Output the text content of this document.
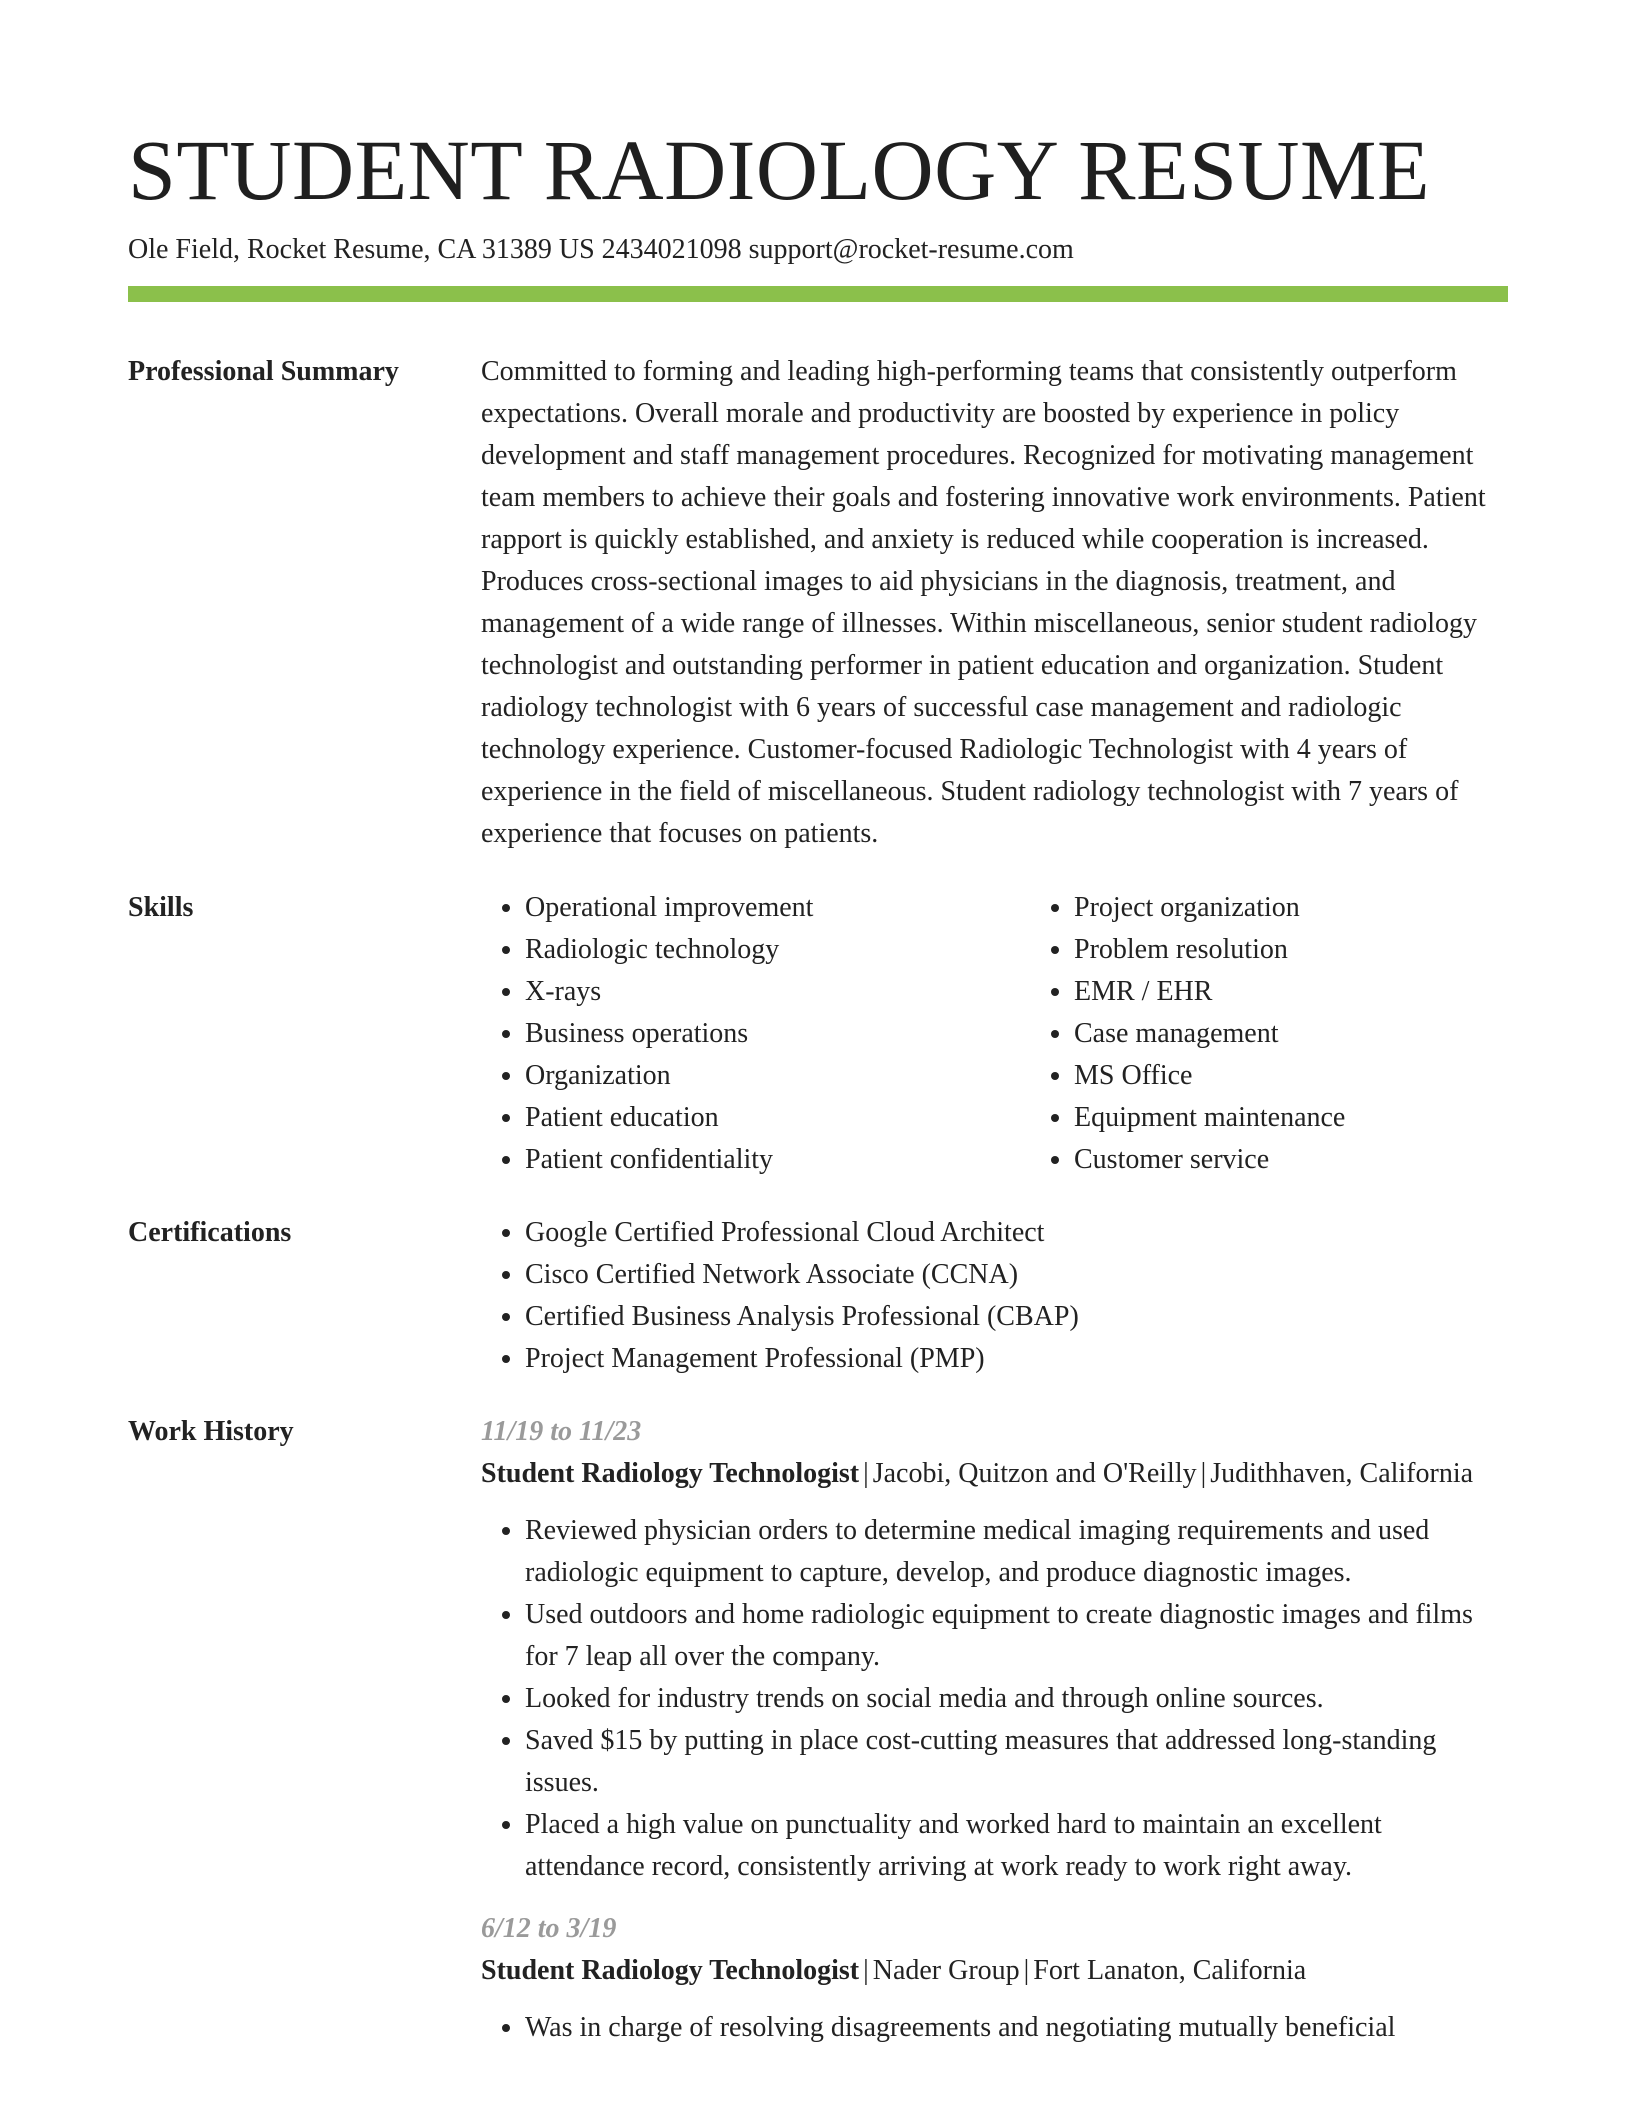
STUDENT RADIOLOGY RESUME
Ole Field, Rocket Resume, CA 31389 US 2434021098 support@rocket-resume.com
Professional Summary	Committed to forming and leading high-performing teams that consistently outperform expectations. Overall morale and productivity are boosted by experience in policy development and staff management procedures. Recognized for motivating management team members to achieve their goals and fostering innovative work environments. Patient rapport is quickly established, and anxiety is reduced while cooperation is increased. Produces cross-sectional images to aid physicians in the diagnosis, treatment, and management of a wide range of illnesses. Within miscellaneous, senior student radiology technologist and outstanding performer in patient education and organization. Student radiology technologist with 6 years of successful case management and radiologic technology experience. Customer-focused Radiologic Technologist with 4 years of experience in the field of miscellaneous. Student radiology technologist with 7 years of experience that focuses on patients.

Skills	• Operational improvement
• Radiologic technology
• X-rays
• Business operations
• Organization
• Patient education
• Patient confidentiality
• Project organization
• Problem resolution
• EMR / EHR
• Case management
• MS Office
• Equipment maintenance
• Customer service
Certifications	• Google Certified Professional Cloud Architect
• Cisco Certified Network Associate (CCNA)
• Certified Business Analysis Professional (CBAP)
• Project Management Professional (PMP)
Work History	11/19 to 11/23
Student Radiology Technologist | Jacobi, Quitzon and O'Reilly | Judithhaven, California
• Reviewed physician orders to determine medical imaging requirements and used radiologic equipment to capture, develop, and produce diagnostic images.
• Used outdoors and home radiologic equipment to create diagnostic images and films for 7 leap all over the company.
• Looked for industry trends on social media and through online sources.
• Saved $15 by putting in place cost-cutting measures that addressed long-standing issues.
• Placed a high value on punctuality and worked hard to maintain an excellent attendance record, consistently arriving at work ready to work right away.
6/12 to 3/19
Student Radiology Technologist | Nader Group | Fort Lanaton, California
• Was in charge of resolving disagreements and negotiating mutually beneficial
